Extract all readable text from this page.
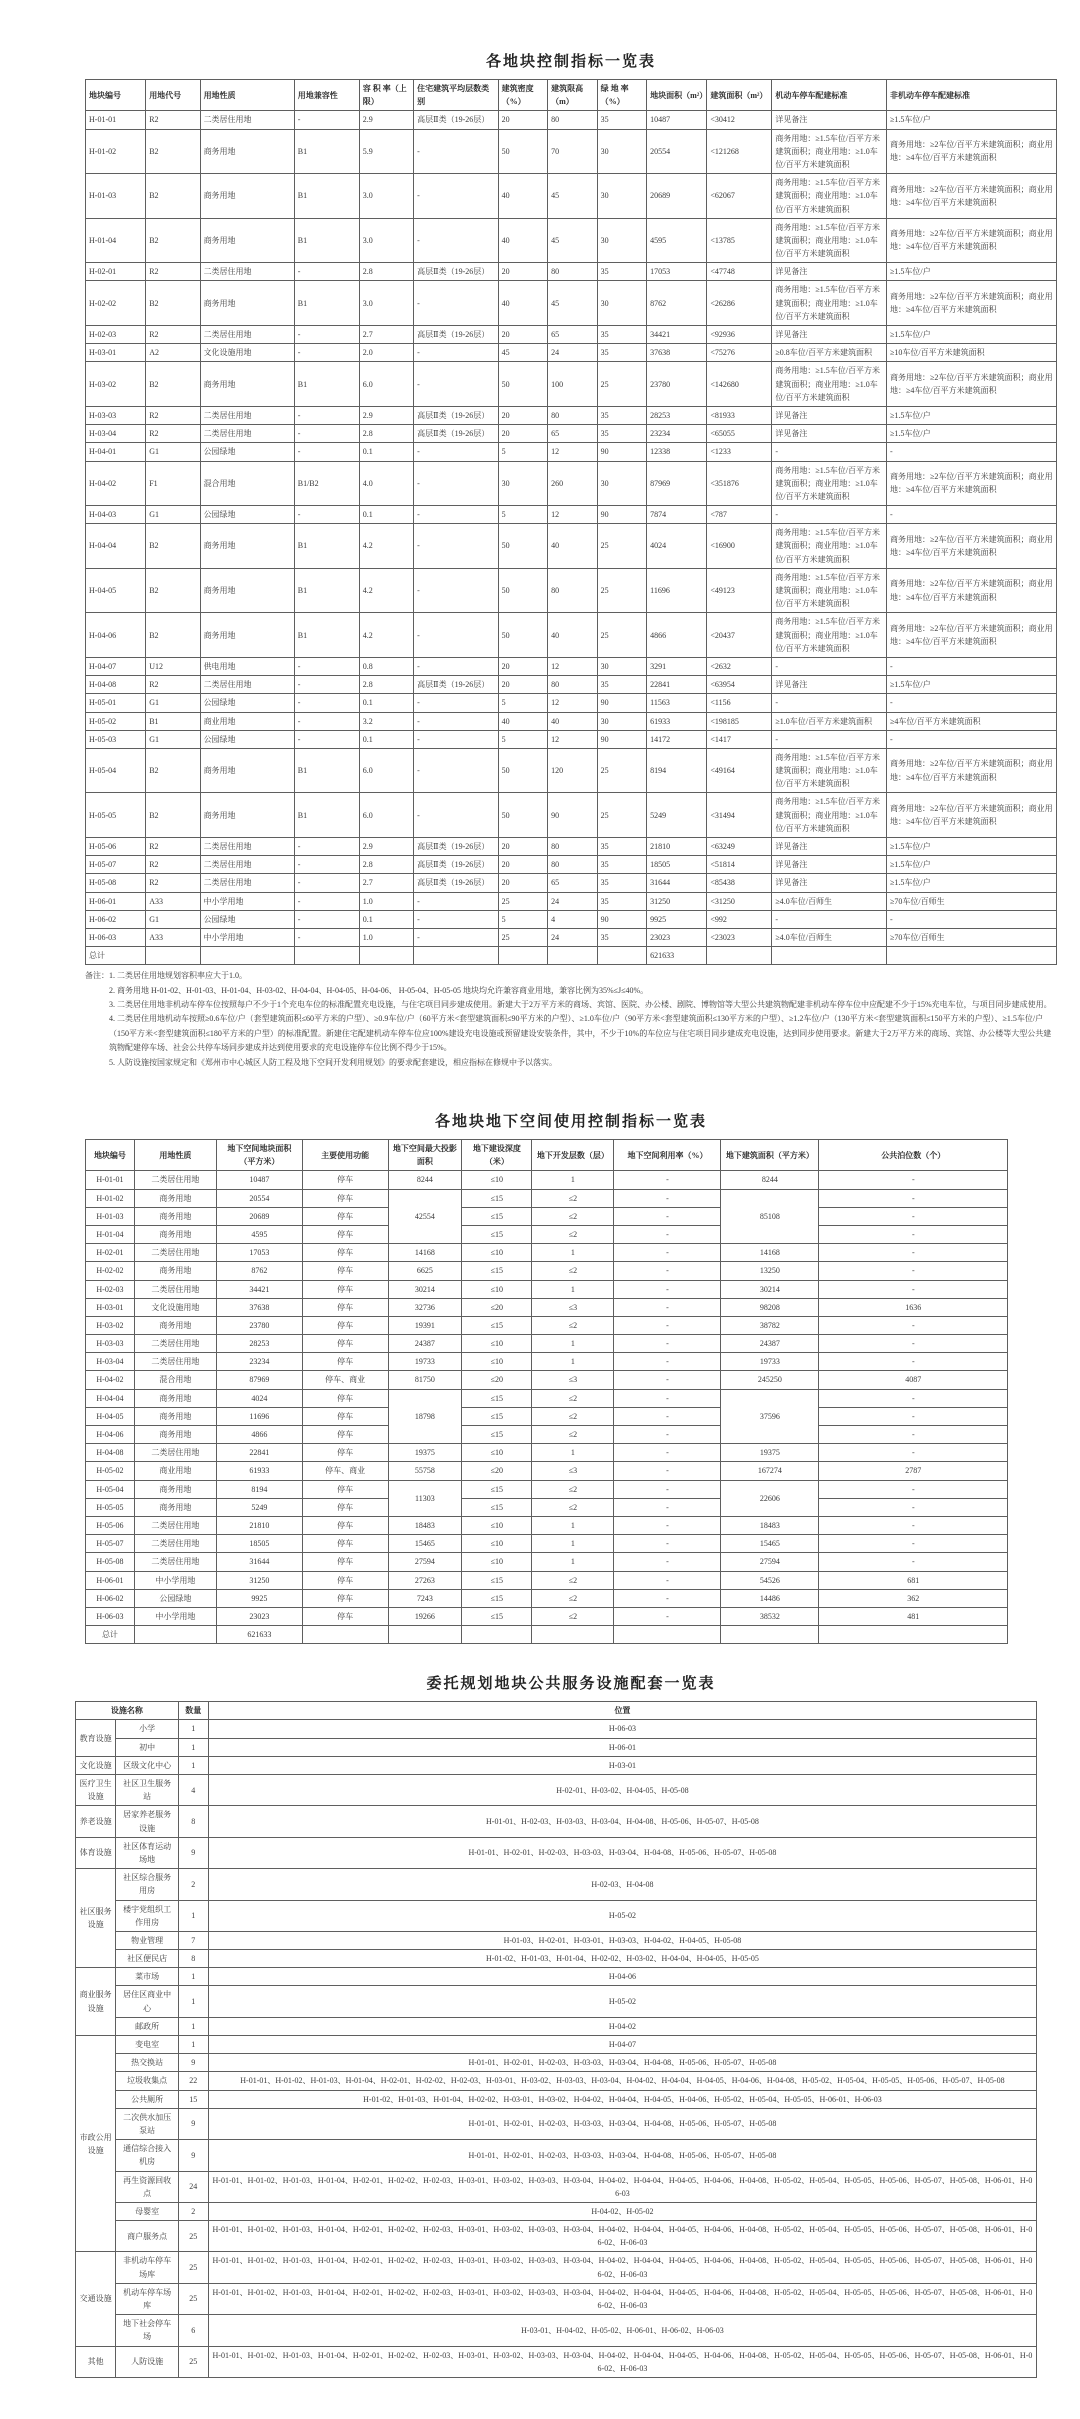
各地块控制指标一览表
地块编号	用地代号	用地性质	用地兼容性	容 积 率（上限）	住宅建筑平均层数类别	建筑密度（%）	建筑限高（m）	绿 地 率（%）	地块面积（m²）	建筑面积（m²）	机动车停车配建标准	非机动车停车配建标准
H-01-01	R2	二类居住用地	-	2.9	高层Ⅱ类（19-26层）	20	80	35	10487	<30412	详见备注	≥1.5车位/户
H-01-02	B2	商务用地	B1	5.9	-	50	70	30	20554	<121268	商务用地：≥1.5车位/百平方米建筑面积；商业用地：≥1.0车位/百平方米建筑面积	商务用地：≥2车位/百平方米建筑面积；商业用地：≥4车位/百平方米建筑面积
H-01-03	B2	商务用地	B1	3.0	-	40	45	30	20689	<62067	商务用地：≥1.5车位/百平方米建筑面积；商业用地：≥1.0车位/百平方米建筑面积	商务用地：≥2车位/百平方米建筑面积；商业用地：≥4车位/百平方米建筑面积
H-01-04	B2	商务用地	B1	3.0	-	40	45	30	4595	<13785	商务用地：≥1.5车位/百平方米建筑面积；商业用地：≥1.0车位/百平方米建筑面积	商务用地：≥2车位/百平方米建筑面积；商业用地：≥4车位/百平方米建筑面积
H-02-01	R2	二类居住用地	-	2.8	高层Ⅱ类（19-26层）	20	80	35	17053	<47748	详见备注	≥1.5车位/户
H-02-02	B2	商务用地	B1	3.0	-	40	45	30	8762	<26286	商务用地：≥1.5车位/百平方米建筑面积；商业用地：≥1.0车位/百平方米建筑面积	商务用地：≥2车位/百平方米建筑面积；商业用地：≥4车位/百平方米建筑面积
H-02-03	R2	二类居住用地	-	2.7	高层Ⅱ类（19-26层）	20	65	35	34421	<92936	详见备注	≥1.5车位/户
H-03-01	A2	文化设施用地	-	2.0	-	45	24	35	37638	<75276	≥0.8车位/百平方米建筑面积	≥10车位/百平方米建筑面积
H-03-02	B2	商务用地	B1	6.0	-	50	100	25	23780	<142680	商务用地：≥1.5车位/百平方米建筑面积；商业用地：≥1.0车位/百平方米建筑面积	商务用地：≥2车位/百平方米建筑面积；商业用地：≥4车位/百平方米建筑面积
H-03-03	R2	二类居住用地	-	2.9	高层Ⅱ类（19-26层）	20	80	35	28253	<81933	详见备注	≥1.5车位/户
H-03-04	R2	二类居住用地	-	2.8	高层Ⅱ类（19-26层）	20	65	35	23234	<65055	详见备注	≥1.5车位/户
H-04-01	G1	公园绿地	-	0.1	-	5	12	90	12338	<1233	-	-
H-04-02	F1	混合用地	B1/B2	4.0	-	30	260	30	87969	<351876	商务用地：≥1.5车位/百平方米建筑面积；商业用地：≥1.0车位/百平方米建筑面积	商务用地：≥2车位/百平方米建筑面积；商业用地：≥4车位/百平方米建筑面积
H-04-03	G1	公园绿地	-	0.1	-	5	12	90	7874	<787	-	-
H-04-04	B2	商务用地	B1	4.2	-	50	40	25	4024	<16900	商务用地：≥1.5车位/百平方米建筑面积；商业用地：≥1.0车位/百平方米建筑面积	商务用地：≥2车位/百平方米建筑面积；商业用地：≥4车位/百平方米建筑面积
H-04-05	B2	商务用地	B1	4.2	-	50	80	25	11696	<49123	商务用地：≥1.5车位/百平方米建筑面积；商业用地：≥1.0车位/百平方米建筑面积	商务用地：≥2车位/百平方米建筑面积；商业用地：≥4车位/百平方米建筑面积
H-04-06	B2	商务用地	B1	4.2	-	50	40	25	4866	<20437	商务用地：≥1.5车位/百平方米建筑面积；商业用地：≥1.0车位/百平方米建筑面积	商务用地：≥2车位/百平方米建筑面积；商业用地：≥4车位/百平方米建筑面积
H-04-07	U12	供电用地	-	0.8	-	20	12	30	3291	<2632	-	-
H-04-08	R2	二类居住用地	-	2.8	高层Ⅱ类（19-26层）	20	80	35	22841	<63954	详见备注	≥1.5车位/户
H-05-01	G1	公园绿地	-	0.1	-	5	12	90	11563	<1156	-	-
H-05-02	B1	商业用地	-	3.2	-	40	40	30	61933	<198185	≥1.0车位/百平方米建筑面积	≥4车位/百平方米建筑面积
H-05-03	G1	公园绿地	-	0.1	-	5	12	90	14172	<1417	-	-
H-05-04	B2	商务用地	B1	6.0	-	50	120	25	8194	<49164	商务用地：≥1.5车位/百平方米建筑面积；商业用地：≥1.0车位/百平方米建筑面积	商务用地：≥2车位/百平方米建筑面积；商业用地：≥4车位/百平方米建筑面积
H-05-05	B2	商务用地	B1	6.0	-	50	90	25	5249	<31494	商务用地：≥1.5车位/百平方米建筑面积；商业用地：≥1.0车位/百平方米建筑面积	商务用地：≥2车位/百平方米建筑面积；商业用地：≥4车位/百平方米建筑面积
H-05-06	R2	二类居住用地	-	2.9	高层Ⅱ类（19-26层）	20	80	35	21810	<63249	详见备注	≥1.5车位/户
H-05-07	R2	二类居住用地	-	2.8	高层Ⅱ类（19-26层）	20	80	35	18505	<51814	详见备注	≥1.5车位/户
H-05-08	R2	二类居住用地	-	2.7	高层Ⅱ类（19-26层）	20	65	35	31644	<85438	详见备注	≥1.5车位/户
H-06-01	A33	中小学用地	-	1.0	-	25	24	35	31250	<31250	≥4.0车位/百师生	≥70车位/百师生
H-06-02	G1	公园绿地	-	0.1	-	5	4	90	9925	<992	-	-
H-06-03	A33	中小学用地	-	1.0	-	25	24	35	23023	<23023	≥4.0车位/百师生	≥70车位/百师生
总计									621633			
备注： 1. 二类居住用地规划容积率应大于1.0。
2. 商务用地 H-01-02、H-01-03、H-01-04、H-03-02、H-04-04、H-04-05、H-04-06、 H-05-04、H-05-05 地块均允许兼容商业用地，兼容比例为35%≤J≤40%。
3. 二类居住用地非机动车停车位按照每户不少于1个充电车位的标准配置充电设施，与住宅项目同步建成使用。新建大于2万平方米的商场、宾馆、医院、办公楼、剧院、博物馆等大型公共建筑物配建非机动车停车位中应配建不少于15%充电车位，与项目同步建成使用。
4. 二类居住用地机动车按照≥0.6车位/户（套型建筑面积≤60平方米的户型）、≥0.9车位/户（60平方米<套型建筑面积≤90平方米的户型）、≥1.0车位/户（90平方米<套型建筑面积≤130平方米的户型）、≥1.2车位/户（130平方米<套型建筑面积≤150平方米的户型）、≥1.5车位/户（150平方米<套型建筑面积≤180平方米的户型）的标准配置。新建住宅配建机动车停车位应100%建设充电设施或预留建设安装条件，其中，不少于10%的车位应与住宅项目同步建成充电设施，达到同步使用要求。新建大于2万平方米的商场、宾馆、办公楼等大型公共建筑物配建停车场、社会公共停车场同步建成并达到使用要求的充电设施停车位比例不得少于15%。
5. 人防设施按国家规定和《郑州市中心城区人防工程及地下空间开发利用规划》的要求配套建设，相应指标在修规中予以落实。
各地块地下空间使用控制指标一览表
地块编号	用地性质	地下空间地块面积（平方米）	主要使用功能	地下空间最大投影面积	地下建设深度（米）	地下开发层数（层）	地下空间利用率（%）	地下建筑面积（平方米）	公共泊位数（个）
H-01-01	二类居住用地	10487	停车	8244	≤10	1	-	8244	-
H-01-02	商务用地	20554	停车	42554	≤15	≤2	-	85108	-
H-01-03	商务用地	20689	停车		≤15	≤2	-		-
H-01-04	商务用地	4595	停车		≤15	≤2	-		-
H-02-01	二类居住用地	17053	停车	14168	≤10	1	-	14168	-
H-02-02	商务用地	8762	停车	6625	≤15	≤2	-	13250	-
H-02-03	二类居住用地	34421	停车	30214	≤10	1	-	30214	-
H-03-01	文化设施用地	37638	停车	32736	≤20	≤3	-	98208	1636
H-03-02	商务用地	23780	停车	19391	≤15	≤2	-	38782	-
H-03-03	二类居住用地	28253	停车	24387	≤10	1	-	24387	-
H-03-04	二类居住用地	23234	停车	19733	≤10	1	-	19733	-
H-04-02	混合用地	87969	停车、商业	81750	≤20	≤3	-	245250	4087
H-04-04	商务用地	4024	停车	18798	≤15	≤2	-	37596	-
H-04-05	商务用地	11696	停车		≤15	≤2	-		-
H-04-06	商务用地	4866	停车		≤15	≤2	-		-
H-04-08	二类居住用地	22841	停车	19375	≤10	1	-	19375	-
H-05-02	商业用地	61933	停车、商业	55758	≤20	≤3	-	167274	2787
H-05-04	商务用地	8194	停车	11303	≤15	≤2	-	22606	-
H-05-05	商务用地	5249	停车		≤15	≤2	-		-
H-05-06	二类居住用地	21810	停车	18483	≤10	1	-	18483	-
H-05-07	二类居住用地	18505	停车	15465	≤10	1	-	15465	-
H-05-08	二类居住用地	31644	停车	27594	≤10	1	-	27594	-
H-06-01	中小学用地	31250	停车	27263	≤15	≤2	-	54526	681
H-06-02	公园绿地	9925	停车	7243	≤15	≤2	-	14486	362
H-06-03	中小学用地	23023	停车	19266	≤15	≤2	-	38532	481
总计		621633							
委托规划地块公共服务设施配套一览表
设施名称		数量	位置
教育设施	小学	1	H-06-03
	初中	1	H-06-01
文化设施	区级文化中心	1	H-03-01
医疗卫生设施	社区卫生服务站	4	H-02-01、H-03-02、H-04-05、H-05-08
养老设施	居家养老服务设施	8	H-01-01、H-02-03、H-03-03、H-03-04、H-04-08、H-05-06、H-05-07、H-05-08
体育设施	社区体育运动场地	9	H-01-01、H-02-01、H-02-03、H-03-03、H-03-04、H-04-08、H-05-06、H-05-07、H-05-08
社区服务设施	社区综合服务用房	2	H-02-03、H-04-08
	楼宇党组织工作用房	1	H-05-02
	物业管理	7	H-01-03、H-02-01、H-03-01、H-03-03、H-04-02、H-04-05、H-05-08
	社区便民店	8	H-01-02、H-01-03、H-01-04、H-02-02、H-03-02、H-04-04、H-04-05、H-05-05
商业服务设施	菜市场	1	H-04-06
	居住区商业中心	1	H-05-02
	邮政所	1	H-04-02
市政公用设施	变电室	1	H-04-07
	热交换站	9	H-01-01、H-02-01、H-02-03、H-03-03、H-03-04、H-04-08、H-05-06、H-05-07、H-05-08
	垃圾收集点	22	H-01-01、H-01-02、H-01-03、H-01-04、H-02-01、H-02-02、H-02-03、H-03-01、H-03-02、H-03-03、H-03-04、H-04-02、H-04-04、H-04-05、H-04-06、H-04-08、H-05-02、H-05-04、H-05-05、H-05-06、H-05-07、H-05-08
	公共厕所	15	H-01-02、H-01-03、H-01-04、H-02-02、H-03-01、H-03-02、H-04-02、H-04-04、H-04-05、H-04-06、H-05-02、H-05-04、H-05-05、H-06-01、H-06-03
	二次供水加压泵站	9	H-01-01、H-02-01、H-02-03、H-03-03、H-03-04、H-04-08、H-05-06、H-05-07、H-05-08
	通信综合接入机房	9	H-01-01、H-02-01、H-02-03、H-03-03、H-03-04、H-04-08、H-05-06、H-05-07、H-05-08
	再生资源回收点	24	H-01-01、H-01-02、H-01-03、H-01-04、H-02-01、H-02-02、H-02-03、H-03-01、H-03-02、H-03-03、H-03-04、H-04-02、H-04-04、H-04-05、H-04-06、H-04-08、H-05-02、H-05-04、H-05-05、H-05-06、H-05-07、H-05-08、H-06-01、H-06-03
	母婴室	2	H-04-02、H-05-02
	商户服务点	25	H-01-01、H-01-02、H-01-03、H-01-04、H-02-01、H-02-02、H-02-03、H-03-01、H-03-02、H-03-03、H-03-04、H-04-02、H-04-04、H-04-05、H-04-06、H-04-08、H-05-02、H-05-04、H-05-05、H-05-06、H-05-07、H-05-08、H-06-01、H-06-02、H-06-03
交通设施	非机动车停车场库	25	H-01-01、H-01-02、H-01-03、H-01-04、H-02-01、H-02-02、H-02-03、H-03-01、H-03-02、H-03-03、H-03-04、H-04-02、H-04-04、H-04-05、H-04-06、H-04-08、H-05-02、H-05-04、H-05-05、H-05-06、H-05-07、H-05-08、H-06-01、H-06-02、H-06-03
	机动车停车场库	25	H-01-01、H-01-02、H-01-03、H-01-04、H-02-01、H-02-02、H-02-03、H-03-01、H-03-02、H-03-03、H-03-04、H-04-02、H-04-04、H-04-05、H-04-06、H-04-08、H-05-02、H-05-04、H-05-05、H-05-06、H-05-07、H-05-08、H-06-01、H-06-02、H-06-03
	地下社会停车场	6	H-03-01、H-04-02、H-05-02、H-06-01、H-06-02、H-06-03
其他	人防设施	25	H-01-01、H-01-02、H-01-03、H-01-04、H-02-01、H-02-02、H-02-03、H-03-01、H-03-02、H-03-03、H-03-04、H-04-02、H-04-04、H-04-05、H-04-06、H-04-08、H-05-02、H-05-04、H-05-05、H-05-06、H-05-07、H-05-08、H-06-01、H-06-02、H-06-03
